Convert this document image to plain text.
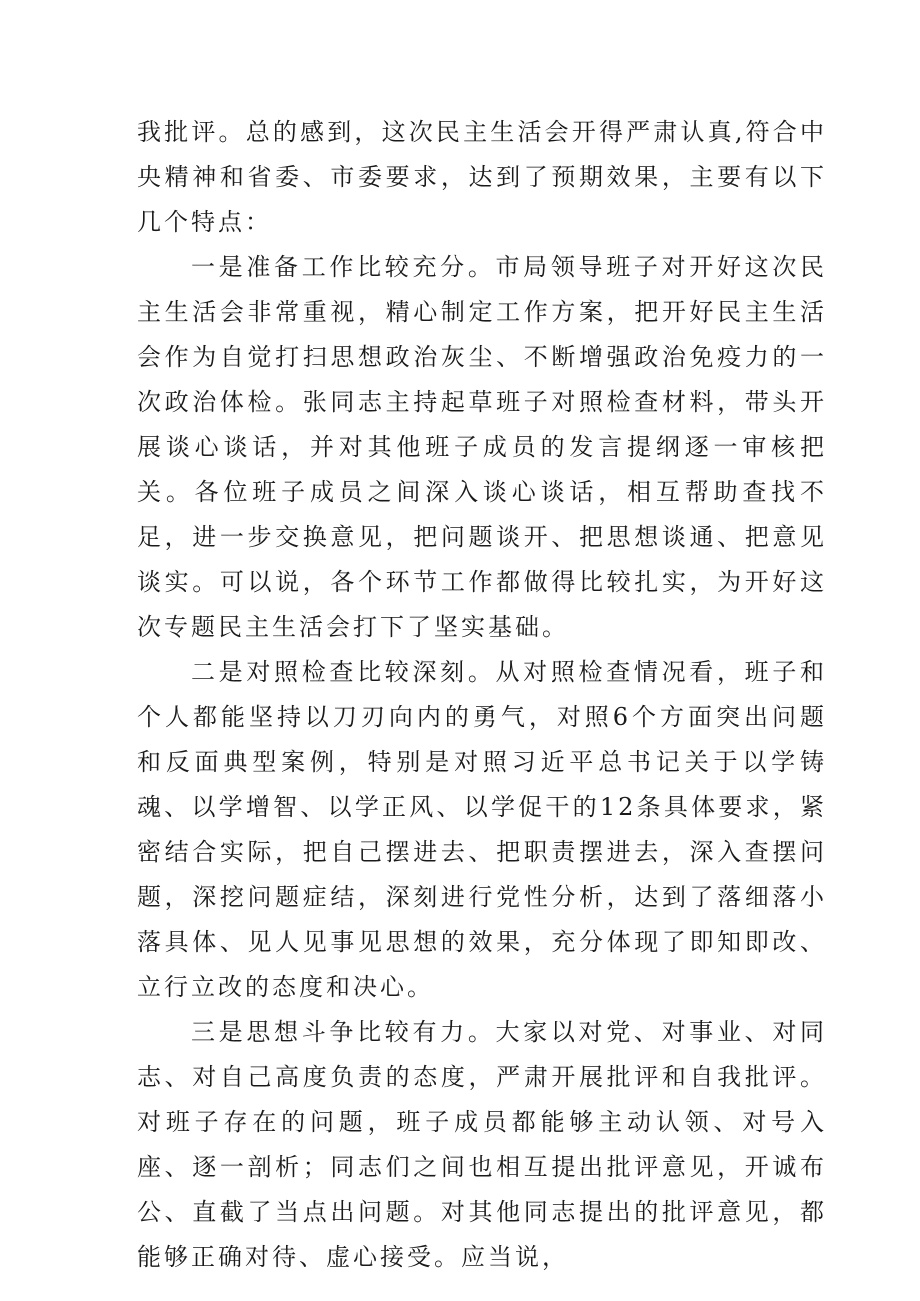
我批评。总的感到，这次民主生活会开得严肃认真,符合中央精神和省委、市委要求，达到了预期效果，主要有以下几个特点：

一是准备工作比较充分。市局领导班子对开好这次民主生活会非常重视，精心制定工作方案，把开好民主生活会作为自觉打扫思想政治灰尘、不断增强政治免疫力的一次政治体检。张同志主持起草班子对照检查材料，带头开展谈心谈话，并对其他班子成员的发言提纲逐一审核把关。各位班子成员之间深入谈心谈话，相互帮助查找不足，进一步交换意见，把问题谈开、把思想谈通、把意见谈实。可以说，各个环节工作都做得比较扎实，为开好这次专题民主生活会打下了坚实基础。

二是对照检查比较深刻。从对照检查情况看，班子和个人都能坚持以刀刃向内的勇气，对照6个方面突出问题和反面典型案例，特别是对照习近平总书记关于以学铸魂、以学增智、以学正风、以学促干的12条具体要求，紧密结合实际，把自己摆进去、把职责摆进去，深入查摆问题，深挖问题症结，深刻进行党性分析，达到了落细落小落具体、见人见事见思想的效果，充分体现了即知即改、立行立改的态度和决心。

三是思想斗争比较有力。大家以对党、对事业、对同志、对自己高度负责的态度，严肃开展批评和自我批评。对班子存在的问题，班子成员都能够主动认领、对号入座、逐一剖析；同志们之间也相互提出批评意见，开诚布公、直截了当点出问题。对其他同志提出的批评意见，都能够正确对待、虚心接受。应当说，
